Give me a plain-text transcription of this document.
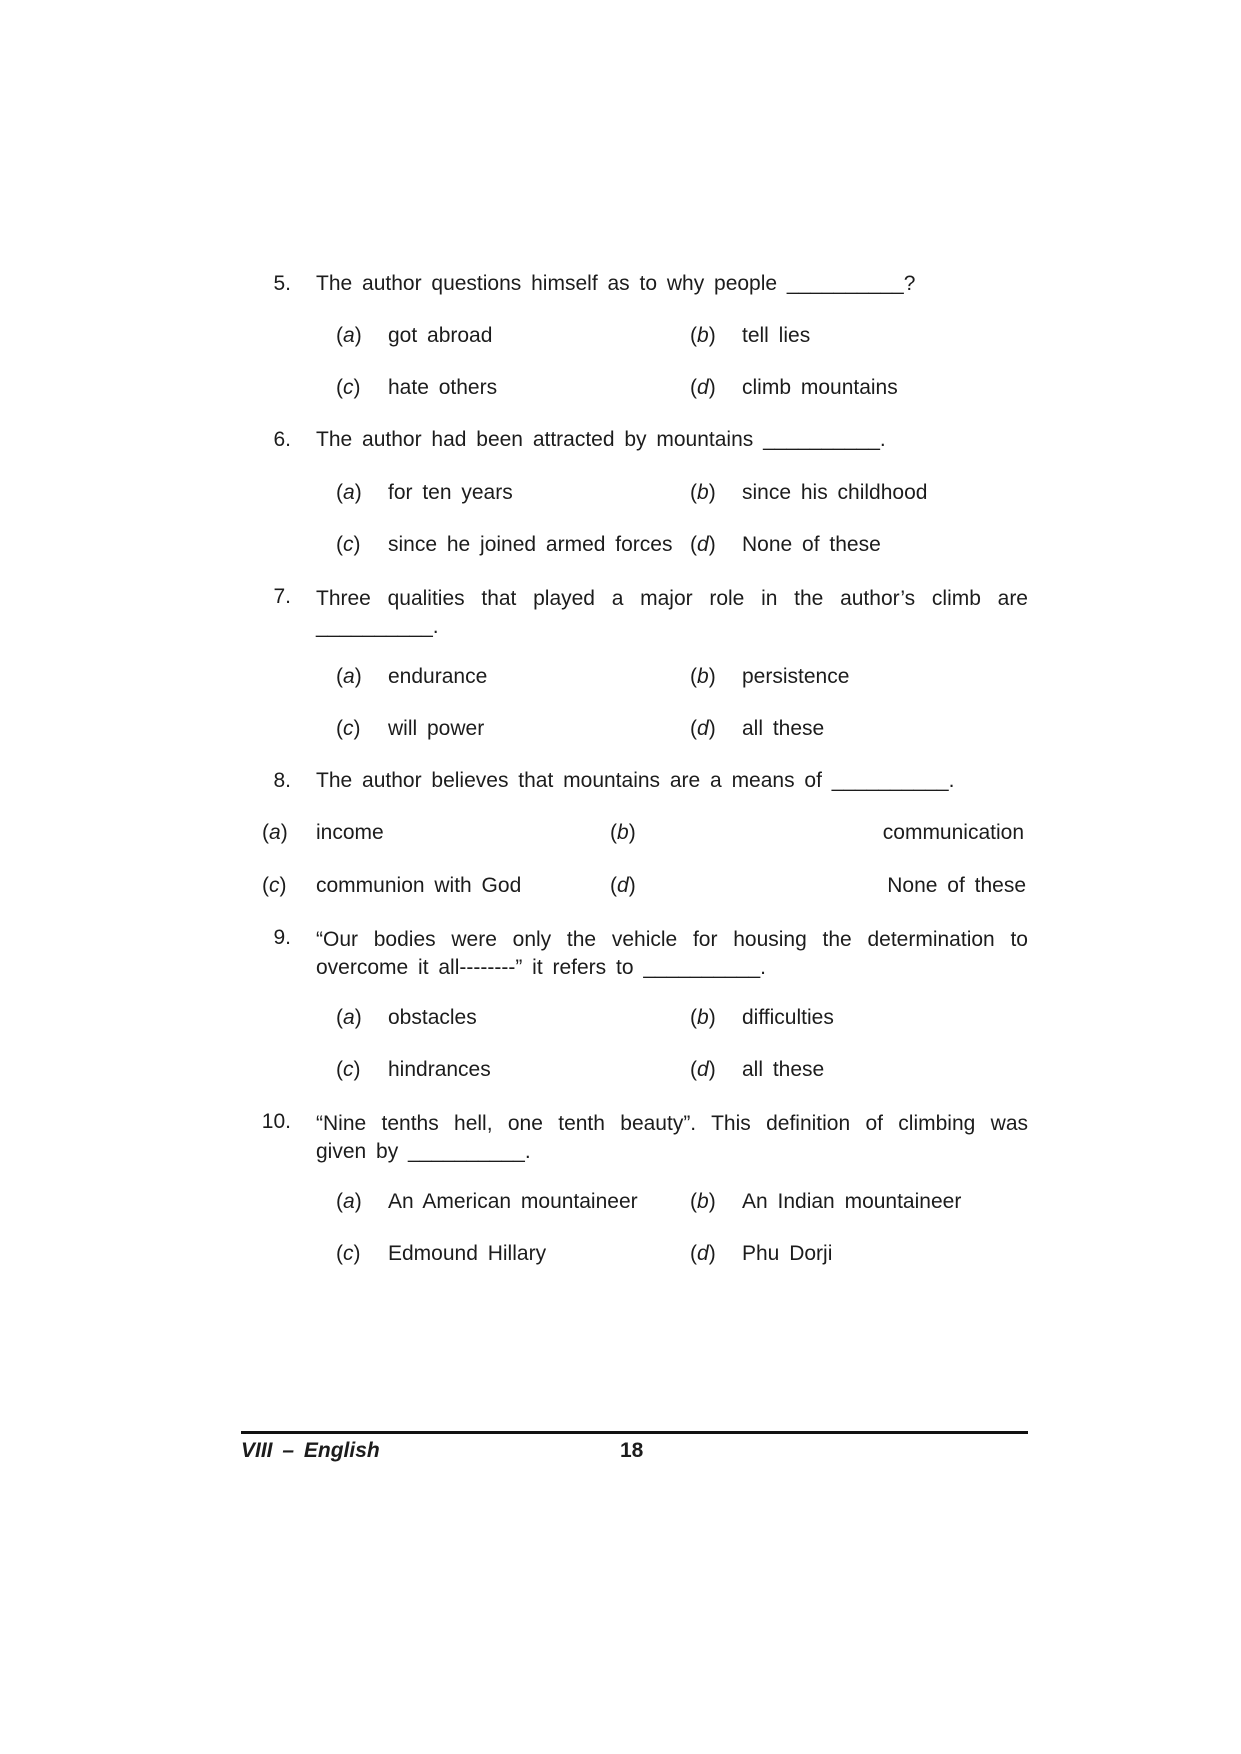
5. The author questions himself as to why people __________?
(a) got abroad	(b) tell lies
(c) hate others	(d) climb mountains
6. The author had been attracted by mountains __________.
(a) for ten years	(b) since his childhood
(c) since he joined armed forces (d) None of these
7. Three qualities that played a major role in the author’s climb are __________.
(a) endurance	(b) persistence
(c) will power	(d) all these
8. The author believes that mountains are a means of __________.
(a) income	(b)	communication
(c) communion with God	(d)	None of these
9. “Our bodies were only the vehicle for housing the determination to overcome it all--------” it refers to __________.
(a) obstacles	(b) difficulties
(c) hindrances	(d) all these
10. “Nine tenths hell, one tenth beauty”. This definition of climbing was given by __________.
(a) An American mountaineer (b) An Indian mountaineer
(c) Edmound Hillary	(d) Phu Dorji
VIII – English	18
